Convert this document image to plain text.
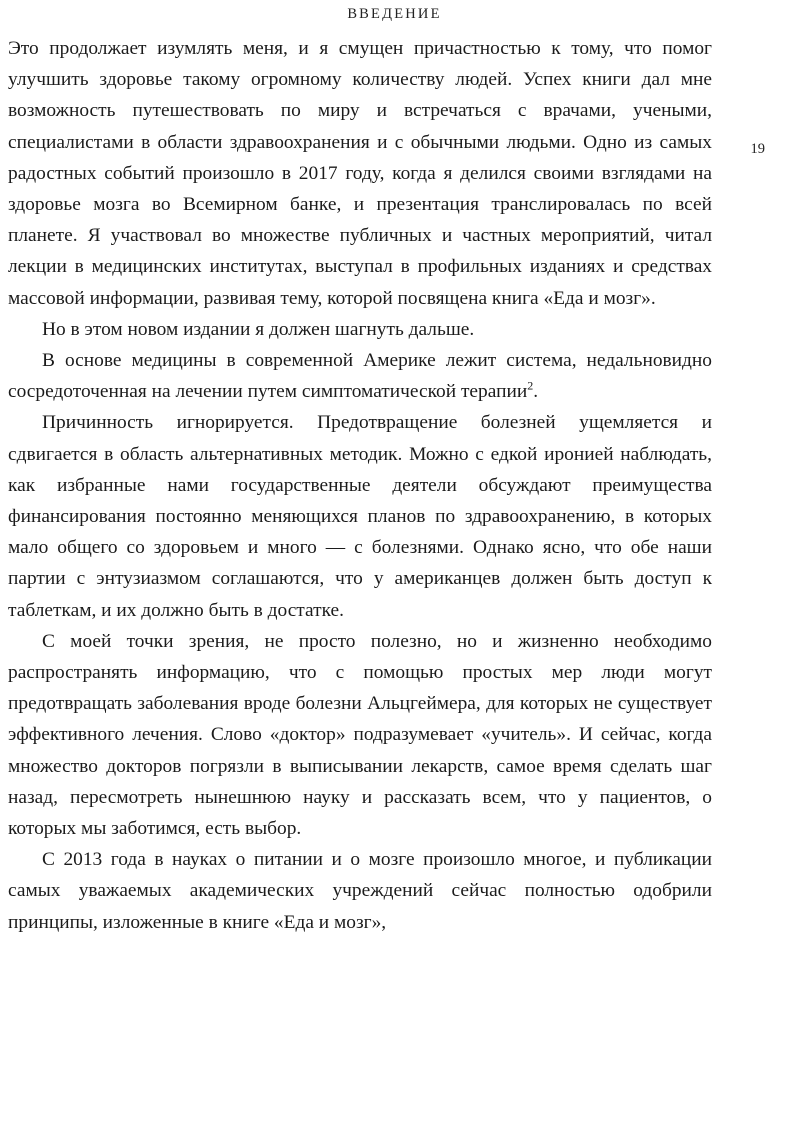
ВВЕДЕНИЕ
19

Это продолжает изумлять меня, и я смущен причастностью к тому, что помог улучшить здоровье такому огромному количеству людей. Успех книги дал мне возможность путешествовать по миру и встречаться с врачами, учеными, специалистами в области здравоохранения и с обычными людьми. Одно из самых радостных событий произошло в 2017 году, когда я делился своими взглядами на здоровье мозга во Всемирном банке, и презентация транслировалась по всей планете. Я участвовал во множестве публичных и частных мероприятий, читал лекции в медицинских институтах, выступал в профильных изданиях и средствах массовой информации, развивая тему, которой посвящена книга «Еда и мозг».

Но в этом новом издании я должен шагнуть дальше.

В основе медицины в современной Америке лежит система, недальновидно сосредоточенная на лечении путем симптоматической терапии$^2$.

Причинность игнорируется. Предотвращение болезней ущемляется и сдвигается в область альтернативных методик. Можно с едкой иронией наблюдать, как избранные нами государственные деятели обсуждают преимущества финансирования постоянно меняющихся планов по здравоохранению, в которых мало общего со здоровьем и много — с болезнями. Однако ясно, что обе наши партии с энтузиазмом соглашаются, что у американцев должен быть доступ к таблеткам, и их должно быть в достатке.

С моей точки зрения, не просто полезно, но и жизненно необходимо распространять информацию, что с помощью простых мер люди могут предотвращать заболевания вроде болезни Альцгеймера, для которых не существует эффективного лечения. Слово «доктор» подразумевает «учитель». И сейчас, когда множество докторов погрязли в выписывании лекарств, самое время сделать шаг назад, пересмотреть нынешнюю науку и рассказать всем, что у пациентов, о которых мы заботимся, есть выбор.

С 2013 года в науках о питании и о мозге произошло многое, и публикации самых уважаемых академических учреждений сейчас полностью одобрили принципы, изложенные в книге «Еда и мозг»,
